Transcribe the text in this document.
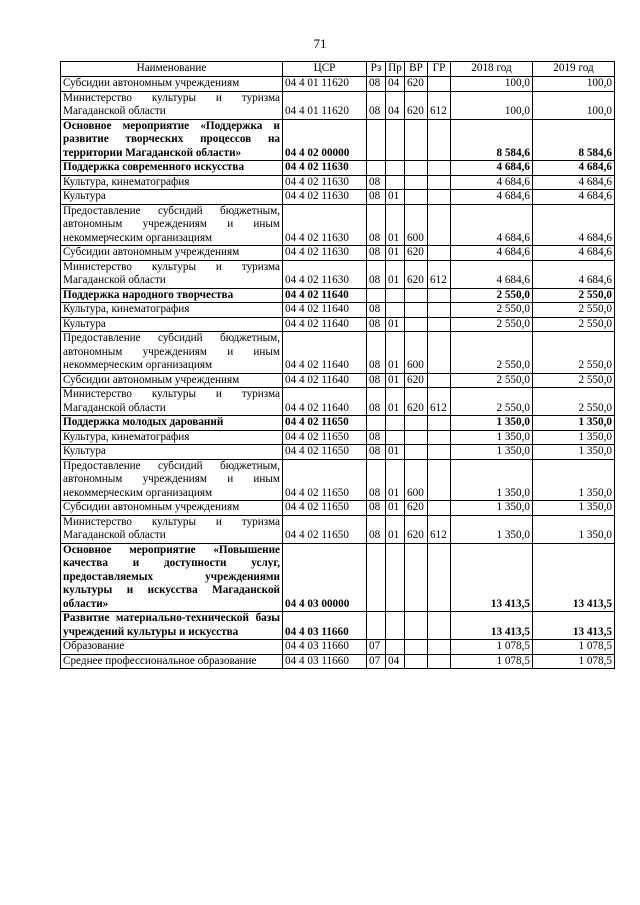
71
Наименование	ЦСР	Рз	Пр	ВР	ГР	2018 год	2019 год
Субсидии автономным учреждениям	04 4 01 11620	08	04	620		100,0	100,0
Министерство культуры и туризма Магаданской области	04 4 01 11620	08	04	620	612	100,0	100,0
Основное мероприятие «Поддержка и развитие творческих процессов на территории Магаданской области»	04 4 02 00000					8 584,6	8 584,6
Поддержка современного искусства	04 4 02 11630					4 684,6	4 684,6
Культура, кинематография	04 4 02 11630	08				4 684,6	4 684,6
Культура	04 4 02 11630	08	01			4 684,6	4 684,6
Предоставление субсидий бюджетным, автономным учреждениям и иным некоммерческим организациям	04 4 02 11630	08	01	600		4 684,6	4 684,6
Субсидии автономным учреждениям	04 4 02 11630	08	01	620		4 684,6	4 684,6
Министерство культуры и туризма Магаданской области	04 4 02 11630	08	01	620	612	4 684,6	4 684,6
Поддержка народного творчества	04 4 02 11640					2 550,0	2 550,0
Культура, кинематография	04 4 02 11640	08				2 550,0	2 550,0
Культура	04 4 02 11640	08	01			2 550,0	2 550,0
Предоставление субсидий бюджетным, автономным учреждениям и иным некоммерческим организациям	04 4 02 11640	08	01	600		2 550,0	2 550,0
Субсидии автономным учреждениям	04 4 02 11640	08	01	620		2 550,0	2 550,0
Министерство культуры и туризма Магаданской области	04 4 02 11640	08	01	620	612	2 550,0	2 550,0
Поддержка молодых дарований	04 4 02 11650					1 350,0	1 350,0
Культура, кинематография	04 4 02 11650	08				1 350,0	1 350,0
Культура	04 4 02 11650	08	01			1 350,0	1 350,0
Предоставление субсидий бюджетным, автономным учреждениям и иным некоммерческим организациям	04 4 02 11650	08	01	600		1 350,0	1 350,0
Субсидии автономным учреждениям	04 4 02 11650	08	01	620		1 350,0	1 350,0
Министерство культуры и туризма Магаданской области	04 4 02 11650	08	01	620	612	1 350,0	1 350,0
Основное мероприятие «Повышение качества и доступности услуг, предоставляемых учреждениями культуры и искусства Магаданской области»	04 4 03 00000					13 413,5	13 413,5
Развитие материально-технической базы учреждений культуры и искусства	04 4 03 11660					13 413,5	13 413,5
Образование	04 4 03 11660	07				1 078,5	1 078,5
Среднее профессиональное образование	04 4 03 11660	07	04			1 078,5	1 078,5
